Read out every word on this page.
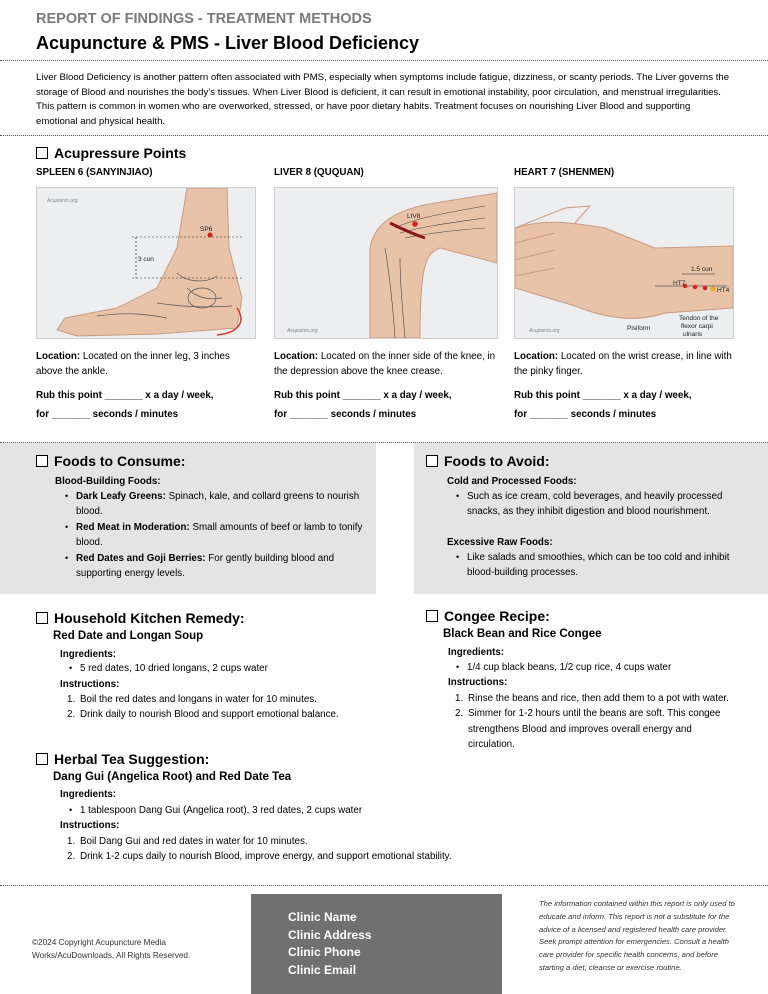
REPORT OF FINDINGS - TREATMENT METHODS
Acupuncture & PMS - Liver Blood Deficiency
Liver Blood Deficiency is another pattern often associated with PMS, especially when symptoms include fatigue, dizziness, or scanty periods. The Liver governs the storage of Blood and nourishes the body’s tissues. When Liver Blood is deficient, it can result in emotional instability, poor circulation, and menstrual irregularities. This pattern is common in women who are overworked, stressed, or have poor dietary habits. Treatment focuses on nourishing Liver Blood and supporting emotional and physical health.
Acupressure Points
SPLEEN 6 (SANYINJIAO)
Acupoints.org
SP6
3 cun
Location: Located on the inner leg, 3 inches above the ankle.
Rub this point _______ x a day / week,
for _______ seconds / minutes
LIVER 8 (QUQUAN)
LIV8
Acupoints.org
Location: Located on the inner side of the knee, in the depression above the knee crease.
Rub this point _______ x a day / week,
for _______ seconds / minutes
HEART 7 (SHENMEN)
1.5 cun
HT7
HT4
Pisiform
Tendon of the
flexor carpi
ulnaris
Acupoints.org
Location: Located on the wrist crease, in line with the pinky finger.
Rub this point _______ x a day / week,
for _______ seconds / minutes
Foods to Consume:
Blood-Building Foods:
• Dark Leafy Greens: Spinach, kale, and collard greens to nourish blood.
• Red Meat in Moderation: Small amounts of beef or lamb to tonify blood.
• Red Dates and Goji Berries: For gently building blood and supporting energy levels.
Foods to Avoid:
Cold and Processed Foods:
• Such as ice cream, cold beverages, and heavily processed snacks, as they inhibit digestion and blood nourishment.
Excessive Raw Foods:
• Like salads and smoothies, which can be too cold and inhibit blood-building processes.
Household Kitchen Remedy:
Red Date and Longan Soup
Ingredients:
• 5 red dates, 10 dried longans, 2 cups water
Instructions:
1. Boil the red dates and longans in water for 10 minutes.
2. Drink daily to nourish Blood and support emotional balance.
Congee Recipe:
Black Bean and Rice Congee
Ingredients:
• 1/4 cup black beans, 1/2 cup rice, 4 cups water
Instructions:
1. Rinse the beans and rice, then add them to a pot with water.
2. Simmer for 1-2 hours until the beans are soft. This congee strengthens Blood and improves overall energy and circulation.
Herbal Tea Suggestion:
Dang Gui (Angelica Root) and Red Date Tea
Ingredients:
• 1 tablespoon Dang Gui (Angelica root), 3 red dates, 2 cups water
Instructions:
1. Boil Dang Gui and red dates in water for 10 minutes.
2. Drink 1-2 cups daily to nourish Blood, improve energy, and support emotional stability.
©2024 Copyright Acupuncture Media Works/AcuDownloads, All Rights Reserved.
Clinic Name
Clinic Address
Clinic Phone
Clinic Email
The information contained within this report is only used to educate and inform. This report is not a substitute for the advice of a licensed and registered health care provider. Seek prompt attention for emergencies. Consult a health care provider for specific health concerns, and before starting a diet, cleanse or exercise routine.
